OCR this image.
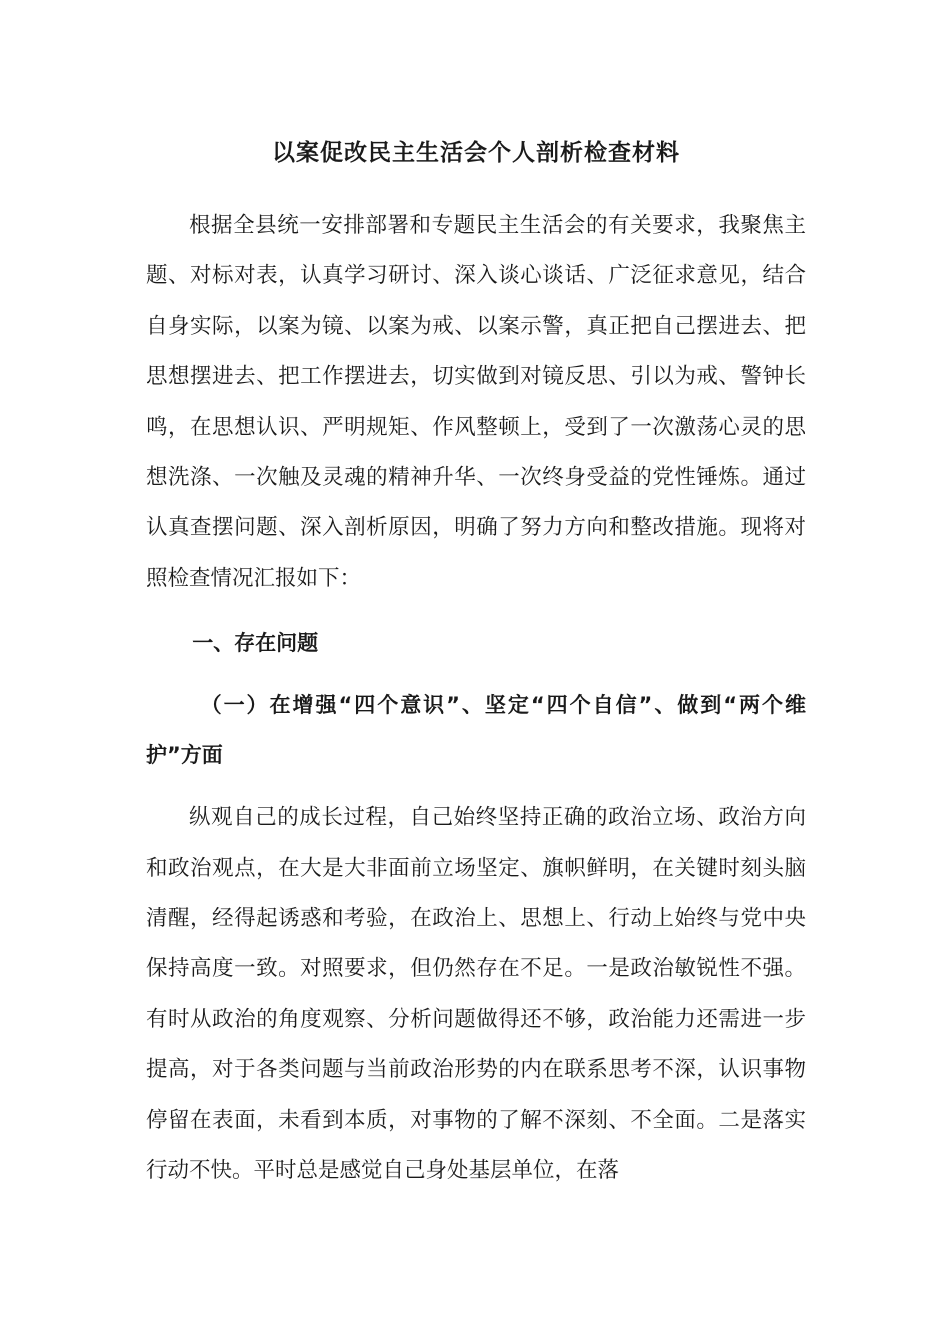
以案促改民主生活会个人剖析检查材料

根据全县统一安排部署和专题民主生活会的有关要求，我聚焦主题、对标对表，认真学习研讨、深入谈心谈话、广泛征求意见，结合自身实际，以案为镜、以案为戒、以案示警，真正把自己摆进去、把思想摆进去、把工作摆进去，切实做到对镜反思、引以为戒、警钟长鸣，在思想认识、严明规矩、作风整顿上，受到了一次激荡心灵的思想洗涤、一次触及灵魂的精神升华、一次终身受益的党性锤炼。通过认真查摆问题、深入剖析原因，明确了努力方向和整改措施。现将对照检查情况汇报如下：

一、存在问题

（一）在增强“四个意识”、坚定“四个自信”、做到“两个维护”方面

纵观自己的成长过程，自己始终坚持正确的政治立场、政治方向和政治观点，在大是大非面前立场坚定、旗帜鲜明，在关键时刻头脑清醒，经得起诱惑和考验，在政治上、思想上、行动上始终与党中央保持高度一致。对照要求，但仍然存在不足。一是政治敏锐性不强。有时从政治的角度观察、分析问题做得还不够，政治能力还需进一步提高，对于各类问题与当前政治形势的内在联系思考不深，认识事物停留在表面，未看到本质，对事物的了解不深刻、不全面。二是落实行动不快。平时总是感觉自己身处基层单位，在落
